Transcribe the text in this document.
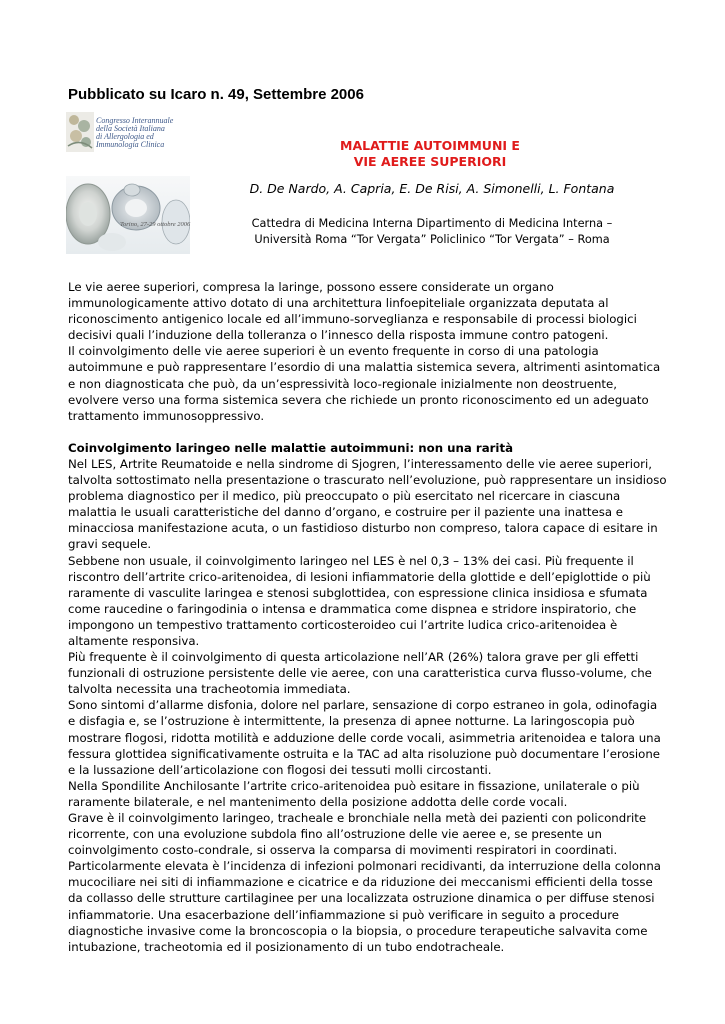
Pubblicato su Icaro n. 49, Settembre 2006

Congresso Interannuale
della Società Italiana
di Allergologia ed
Immunologia Clinica
Torino, 27-29 ottobre 2006
MALATTIE AUTOIMMUNI E
VIE AEREE SUPERIORI

D. De Nardo, A. Capria, E. De Risi, A. Simonelli, L. Fontana

Cattedra di Medicina Interna Dipartimento di Medicina Interna –
Università Roma “Tor Vergata” Policlinico “Tor Vergata” – Roma

Le vie aeree superiori, compresa la laringe, possono essere considerate un organo immunologicamente attivo dotato di una architettura linfoepiteliale organizzata deputata al riconoscimento antigenico locale ed all’immuno-sorveglianza e responsabile di processi biologici decisivi quali l’induzione della tolleranza o l’innesco della risposta immune contro patogeni.

Il coinvolgimento delle vie aeree superiori è un evento frequente in corso di una patologia autoimmune e può rappresentare l’esordio di una malattia sistemica severa, altrimenti asintomatica e non diagnosticata che può, da un’espressività loco-regionale inizialmente non deostruente, evolvere verso una forma sistemica severa che richiede un pronto riconoscimento ed un adeguato trattamento immunosoppressivo.

Coinvolgimento laringeo nelle malattie autoimmuni: non una rarità

Nel LES, Artrite Reumatoide e nella sindrome di Sjogren, l’interessamento delle vie aeree superiori, talvolta sottostimato nella presentazione o trascurato nell’evoluzione, può rappresentare un insidioso problema diagnostico per il medico, più preoccupato o più esercitato nel ricercare in ciascuna malattia le usuali caratteristiche del danno d’organo, e costruire per il paziente una inattesa e minacciosa manifestazione acuta, o un fastidioso disturbo non compreso, talora capace di esitare in gravi sequele.

Sebbene non usuale, il coinvolgimento laringeo nel LES è nel 0,3 – 13% dei casi. Più frequente il riscontro dell’artrite crico-aritenoidea, di lesioni infiammatorie della glottide e dell’epiglottide o più raramente di vasculite laringea e stenosi subglottidea, con espressione clinica insidiosa e sfumata come raucedine o faringodinia o intensa e drammatica come dispnea e stridore inspiratorio, che impongono un tempestivo trattamento corticosteroideo cui l’artrite ludica crico-aritenoidea è altamente responsiva.

Più frequente è il coinvolgimento di questa articolazione nell’AR (26%) talora grave per gli effetti funzionali di ostruzione persistente delle vie aeree, con una caratteristica curva flusso-volume, che talvolta necessita una tracheotomia immediata.

Sono sintomi d’allarme disfonia, dolore nel parlare, sensazione di corpo estraneo in gola, odinofagia e disfagia e, se l’ostruzione è intermittente, la presenza di apnee notturne. La laringoscopia può mostrare flogosi, ridotta motilità e adduzione delle corde vocali, asimmetria aritenoidea e talora una fessura glottidea significativamente ostruita e la TAC ad alta risoluzione può documentare l’erosione e la lussazione dell’articolazione con flogosi dei tessuti molli circostanti.

Nella Spondilite Anchilosante l’artrite crico-aritenoidea può esitare in fissazione, unilaterale o più raramente bilaterale, e nel mantenimento della posizione addotta delle corde vocali.

Grave è il coinvolgimento laringeo, tracheale e bronchiale nella metà dei pazienti con policondrite ricorrente, con una evoluzione subdola fino all’ostruzione delle vie aeree e, se presente un coinvolgimento costo-condrale, si osserva la comparsa di movimenti respiratori in coordinati.

Particolarmente elevata è l’incidenza di infezioni polmonari recidivanti, da interruzione della colonna mucociliare nei siti di infiammazione e cicatrice e da riduzione dei meccanismi efficienti della tosse da collasso delle strutture cartilaginee per una localizzata ostruzione dinamica o per diffuse stenosi infiammatorie. Una esacerbazione dell’infiammazione si può verificare in seguito a procedure diagnostiche invasive come la broncoscopia o la biopsia, o procedure terapeutiche salvavita come intubazione, tracheotomia ed il posizionamento di un tubo endotracheale.
